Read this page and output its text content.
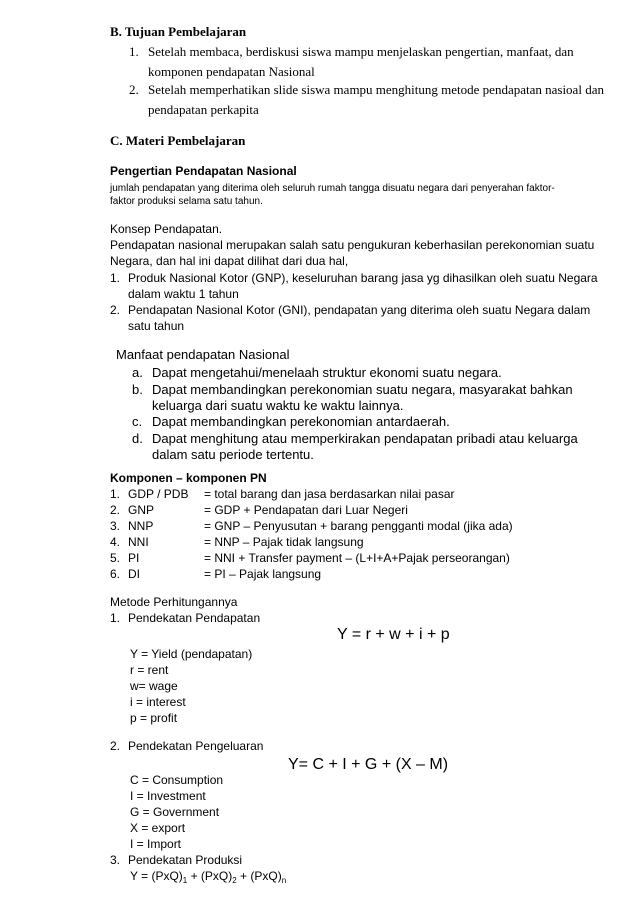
B. Tujuan Pembelajaran
1. Setelah membaca, berdiskusi siswa mampu menjelaskan pengertian, manfaat, dan
komponen pendapatan Nasional
2. Setelah memperhatikan slide siswa mampu menghitung metode pendapatan nasioal dan
pendapatan perkapita
C. Materi Pembelajaran
Pengertian Pendapatan Nasional
jumlah pendapatan yang diterima oleh seluruh rumah tangga disuatu negara dari penyerahan faktor-
faktor produksi selama satu tahun.
Konsep Pendapatan.
Pendapatan nasional merupakan salah satu pengukuran keberhasilan perekonomian suatu
Negara, dan hal ini dapat dilihat dari dua hal,
1. Produk Nasional Kotor (GNP), keseluruhan barang jasa yg dihasilkan oleh suatu Negara
dalam waktu 1 tahun
2. Pendapatan Nasional Kotor (GNI), pendapatan yang diterima oleh suatu Negara dalam
satu tahun
Manfaat pendapatan Nasional
a. Dapat mengetahui/menelaah struktur ekonomi suatu negara.
b. Dapat membandingkan perekonomian suatu negara, masyarakat bahkan
keluarga dari suatu waktu ke waktu lainnya.
c. Dapat membandingkan perekonomian antardaerah.
d. Dapat menghitung atau memperkirakan pendapatan pribadi atau keluarga
dalam satu periode tertentu.
Komponen – komponen PN
1. GDP / PDB = total barang dan jasa berdasarkan nilai pasar
2. GNP	= GDP + Pendapatan dari Luar Negeri
3. NNP	= GNP – Penyusutan + barang pengganti modal (jika ada)
4. NNI	= NNP – Pajak tidak langsung
5. PI	= NNI + Transfer payment – (L+I+A+Pajak perseorangan)
6. DI	= PI – Pajak langsung
Metode Perhitungannya
1. Pendekatan Pendapatan
Y = r + w + i + p
Y = Yield (pendapatan)
r = rent
w= wage
i = interest
p = profit
2. Pendekatan Pengeluaran
Y= C + I + G + (X – M)
C = Consumption
I = Investment
G = Government
X = export
I = Import
3. Pendekatan Produksi
$Y = (PxQ)_1 + (PxQ)_2 + (PxQ)_n$
